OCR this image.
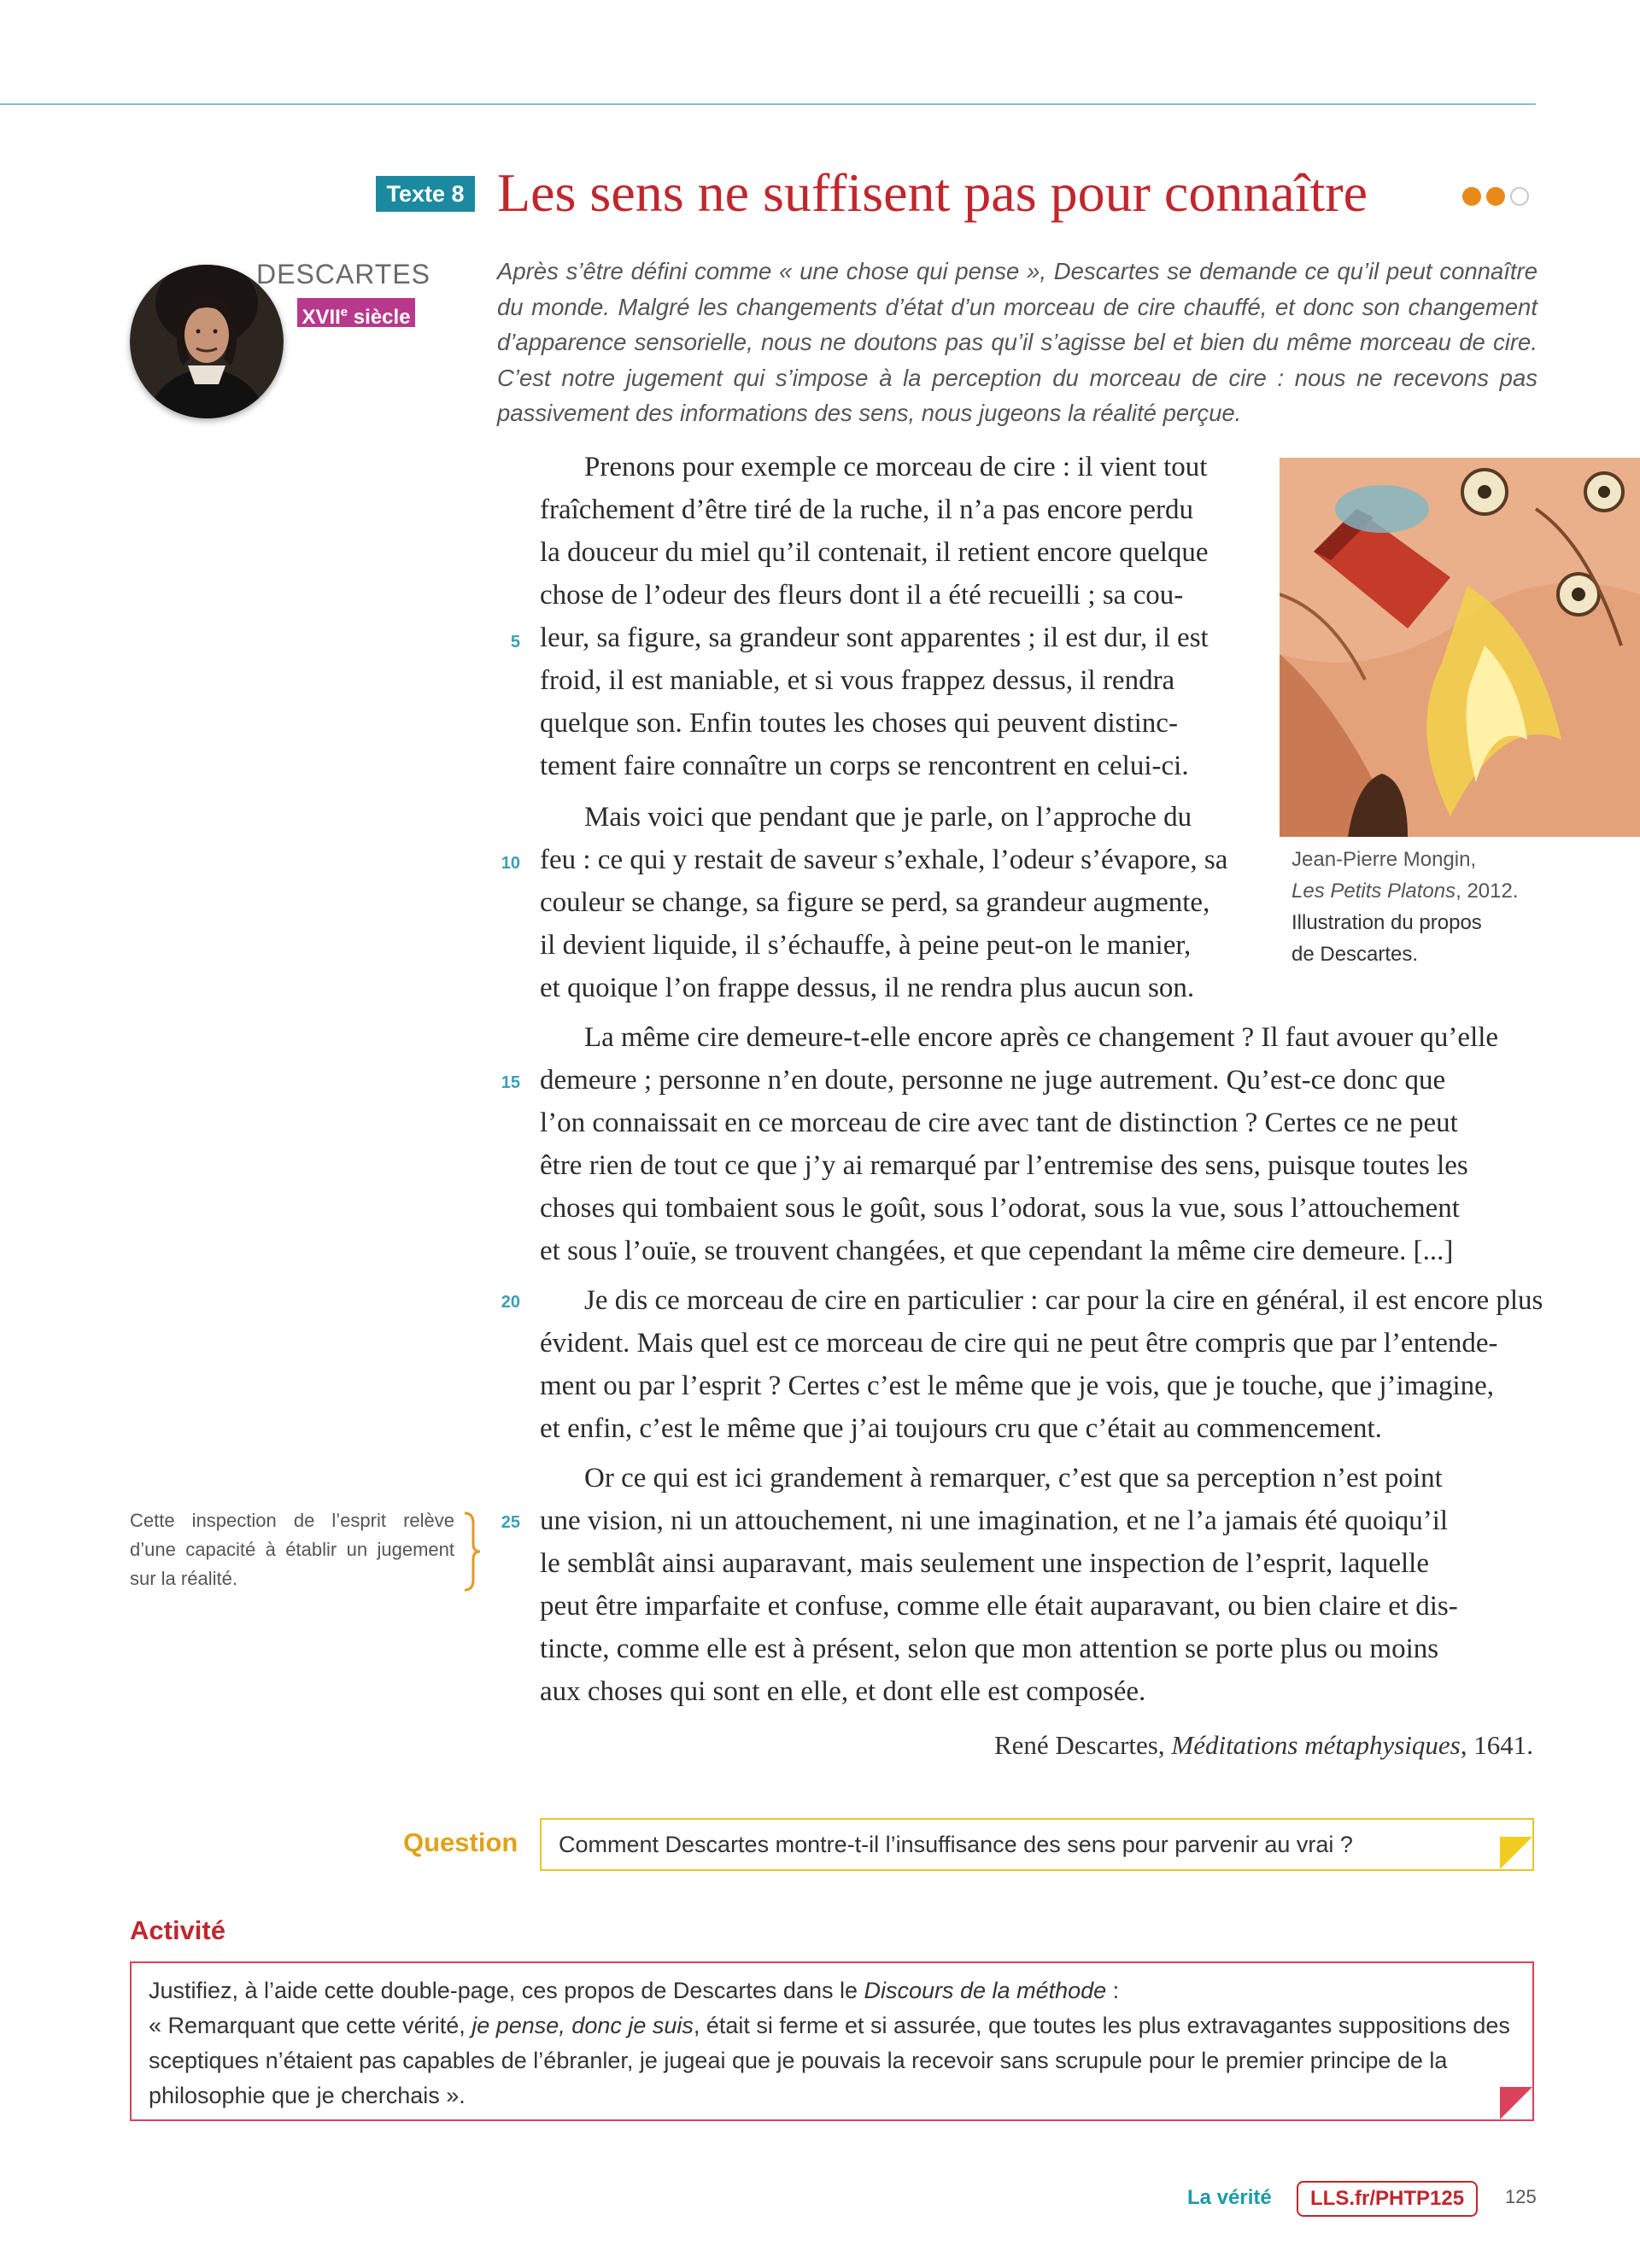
Texte 8 Les sens ne suffisent pas pour connaître
DESCARTES
XVIIe siècle
Après s’être défini comme « une chose qui pense », Descartes se demande ce qu’il peut connaître du monde. Malgré les changements d’état d’un morceau de cire chauffé, et donc son changement d’apparence sensorielle, nous ne doutons pas qu’il s’agisse bel et bien du même morceau de cire. C’est notre jugement qui s’impose à la perception du morceau de cire : nous ne recevons pas passivement des informations des sens, nous jugeons la réalité perçue.
Jean-Pierre Mongin,
Les Petits Platons, 2012.
Illustration du propos
de Descartes.
Prenons pour exemple ce morceau de cire : il vient tout
fraîchement d’être tiré de la ruche, il n’a pas encore perdu
la douceur du miel qu’il contenait, il retient encore quelque
chose de l’odeur des fleurs dont il a été recueilli ; sa cou-
leur, sa figure, sa grandeur sont apparentes ; il est dur, il est
froid, il est maniable, et si vous frappez dessus, il rendra
quelque son. Enfin toutes les choses qui peuvent distinc-
tement faire connaître un corps se rencontrent en celui-ci.
Mais voici que pendant que je parle, on l’approche du
feu : ce qui y restait de saveur s’exhale, l’odeur s’évapore, sa
couleur se change, sa figure se perd, sa grandeur augmente,
il devient liquide, il s’échauffe, à peine peut-on le manier,
et quoique l’on frappe dessus, il ne rendra plus aucun son.
La même cire demeure-t-elle encore après ce changement ? Il faut avouer qu’elle
demeure ; personne n’en doute, personne ne juge autrement. Qu’est-ce donc que
l’on connaissait en ce morceau de cire avec tant de distinction ? Certes ce ne peut
être rien de tout ce que j’y ai remarqué par l’entremise des sens, puisque toutes les
choses qui tombaient sous le goût, sous l’odorat, sous la vue, sous l’attouchement
et sous l’ouïe, se trouvent changées, et que cependant la même cire demeure. [...]
Je dis ce morceau de cire en particulier : car pour la cire en général, il est encore plus
évident. Mais quel est ce morceau de cire qui ne peut être compris que par l’entende-
ment ou par l’esprit ? Certes c’est le même que je vois, que je touche, que j’imagine,
et enfin, c’est le même que j’ai toujours cru que c’était au commencement.
Or ce qui est ici grandement à remarquer, c’est que sa perception n’est point
une vision, ni un attouchement, ni une imagination, et ne l’a jamais été quoiqu’il
le semblât ainsi auparavant, mais seulement une inspection de l’esprit, laquelle
peut être imparfaite et confuse, comme elle était auparavant, ou bien claire et dis-
tincte, comme elle est à présent, selon que mon attention se porte plus ou moins
aux choses qui sont en elle, et dont elle est composée.
5
10
15
20
25
René Descartes, Méditations métaphysiques, 1641.
Cette inspection de l’esprit relève d’une capacité à établir un jugement sur la réalité.
Question	Comment Descartes montre-t-il l’insuffisance des sens pour parvenir au vrai ?
Activité
Justifiez, à l’aide cette double-page, ces propos de Descartes dans le Discours de la méthode :
« Remarquant que cette vérité, je pense, donc je suis, était si ferme et si assurée, que toutes les plus extravagantes suppositions des sceptiques n’étaient pas capables de l’ébranler, je jugeai que je pouvais la recevoir sans scrupule pour le premier principe de la philosophie que je cherchais ».
La vérité	LLS.fr/PHTP125	125
